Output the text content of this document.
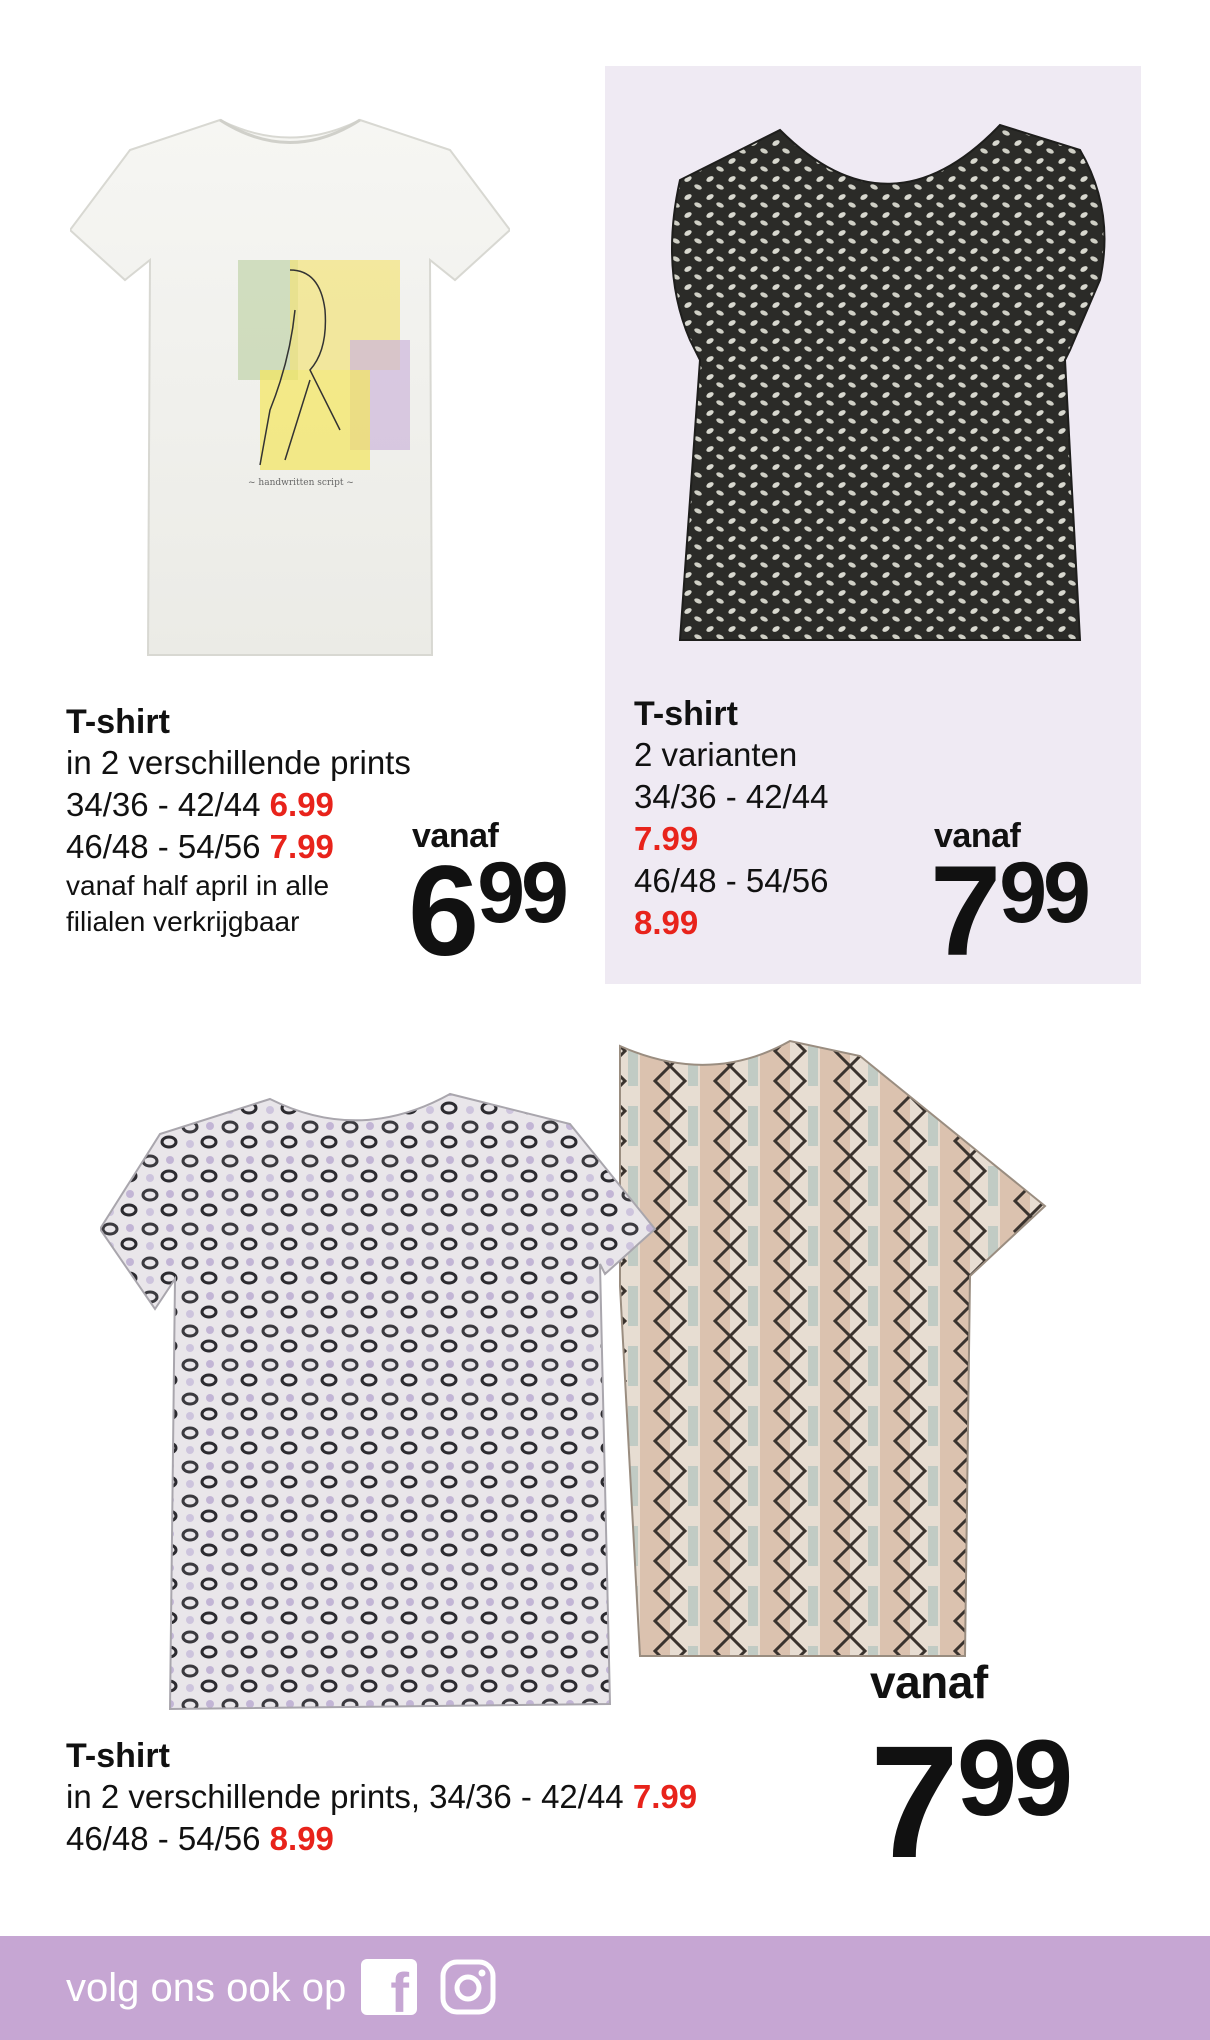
~ handwritten script ~
T-shirt
in 2 verschillende prints
34/36 - 42/44 6.99
46/48 - 54/56 7.99
vanaf half april in alle
filialen verkrijgbaar
vanaf
6 99
T-shirt
2 varianten
34/36 - 42/44
7.99
46/48 - 54/56
8.99
vanaf
7 99
T-shirt
in 2 verschillende prints, 34/36 - 42/44 7.99
46/48 - 54/56 8.99
vanaf
7 99
volg ons ook op f
